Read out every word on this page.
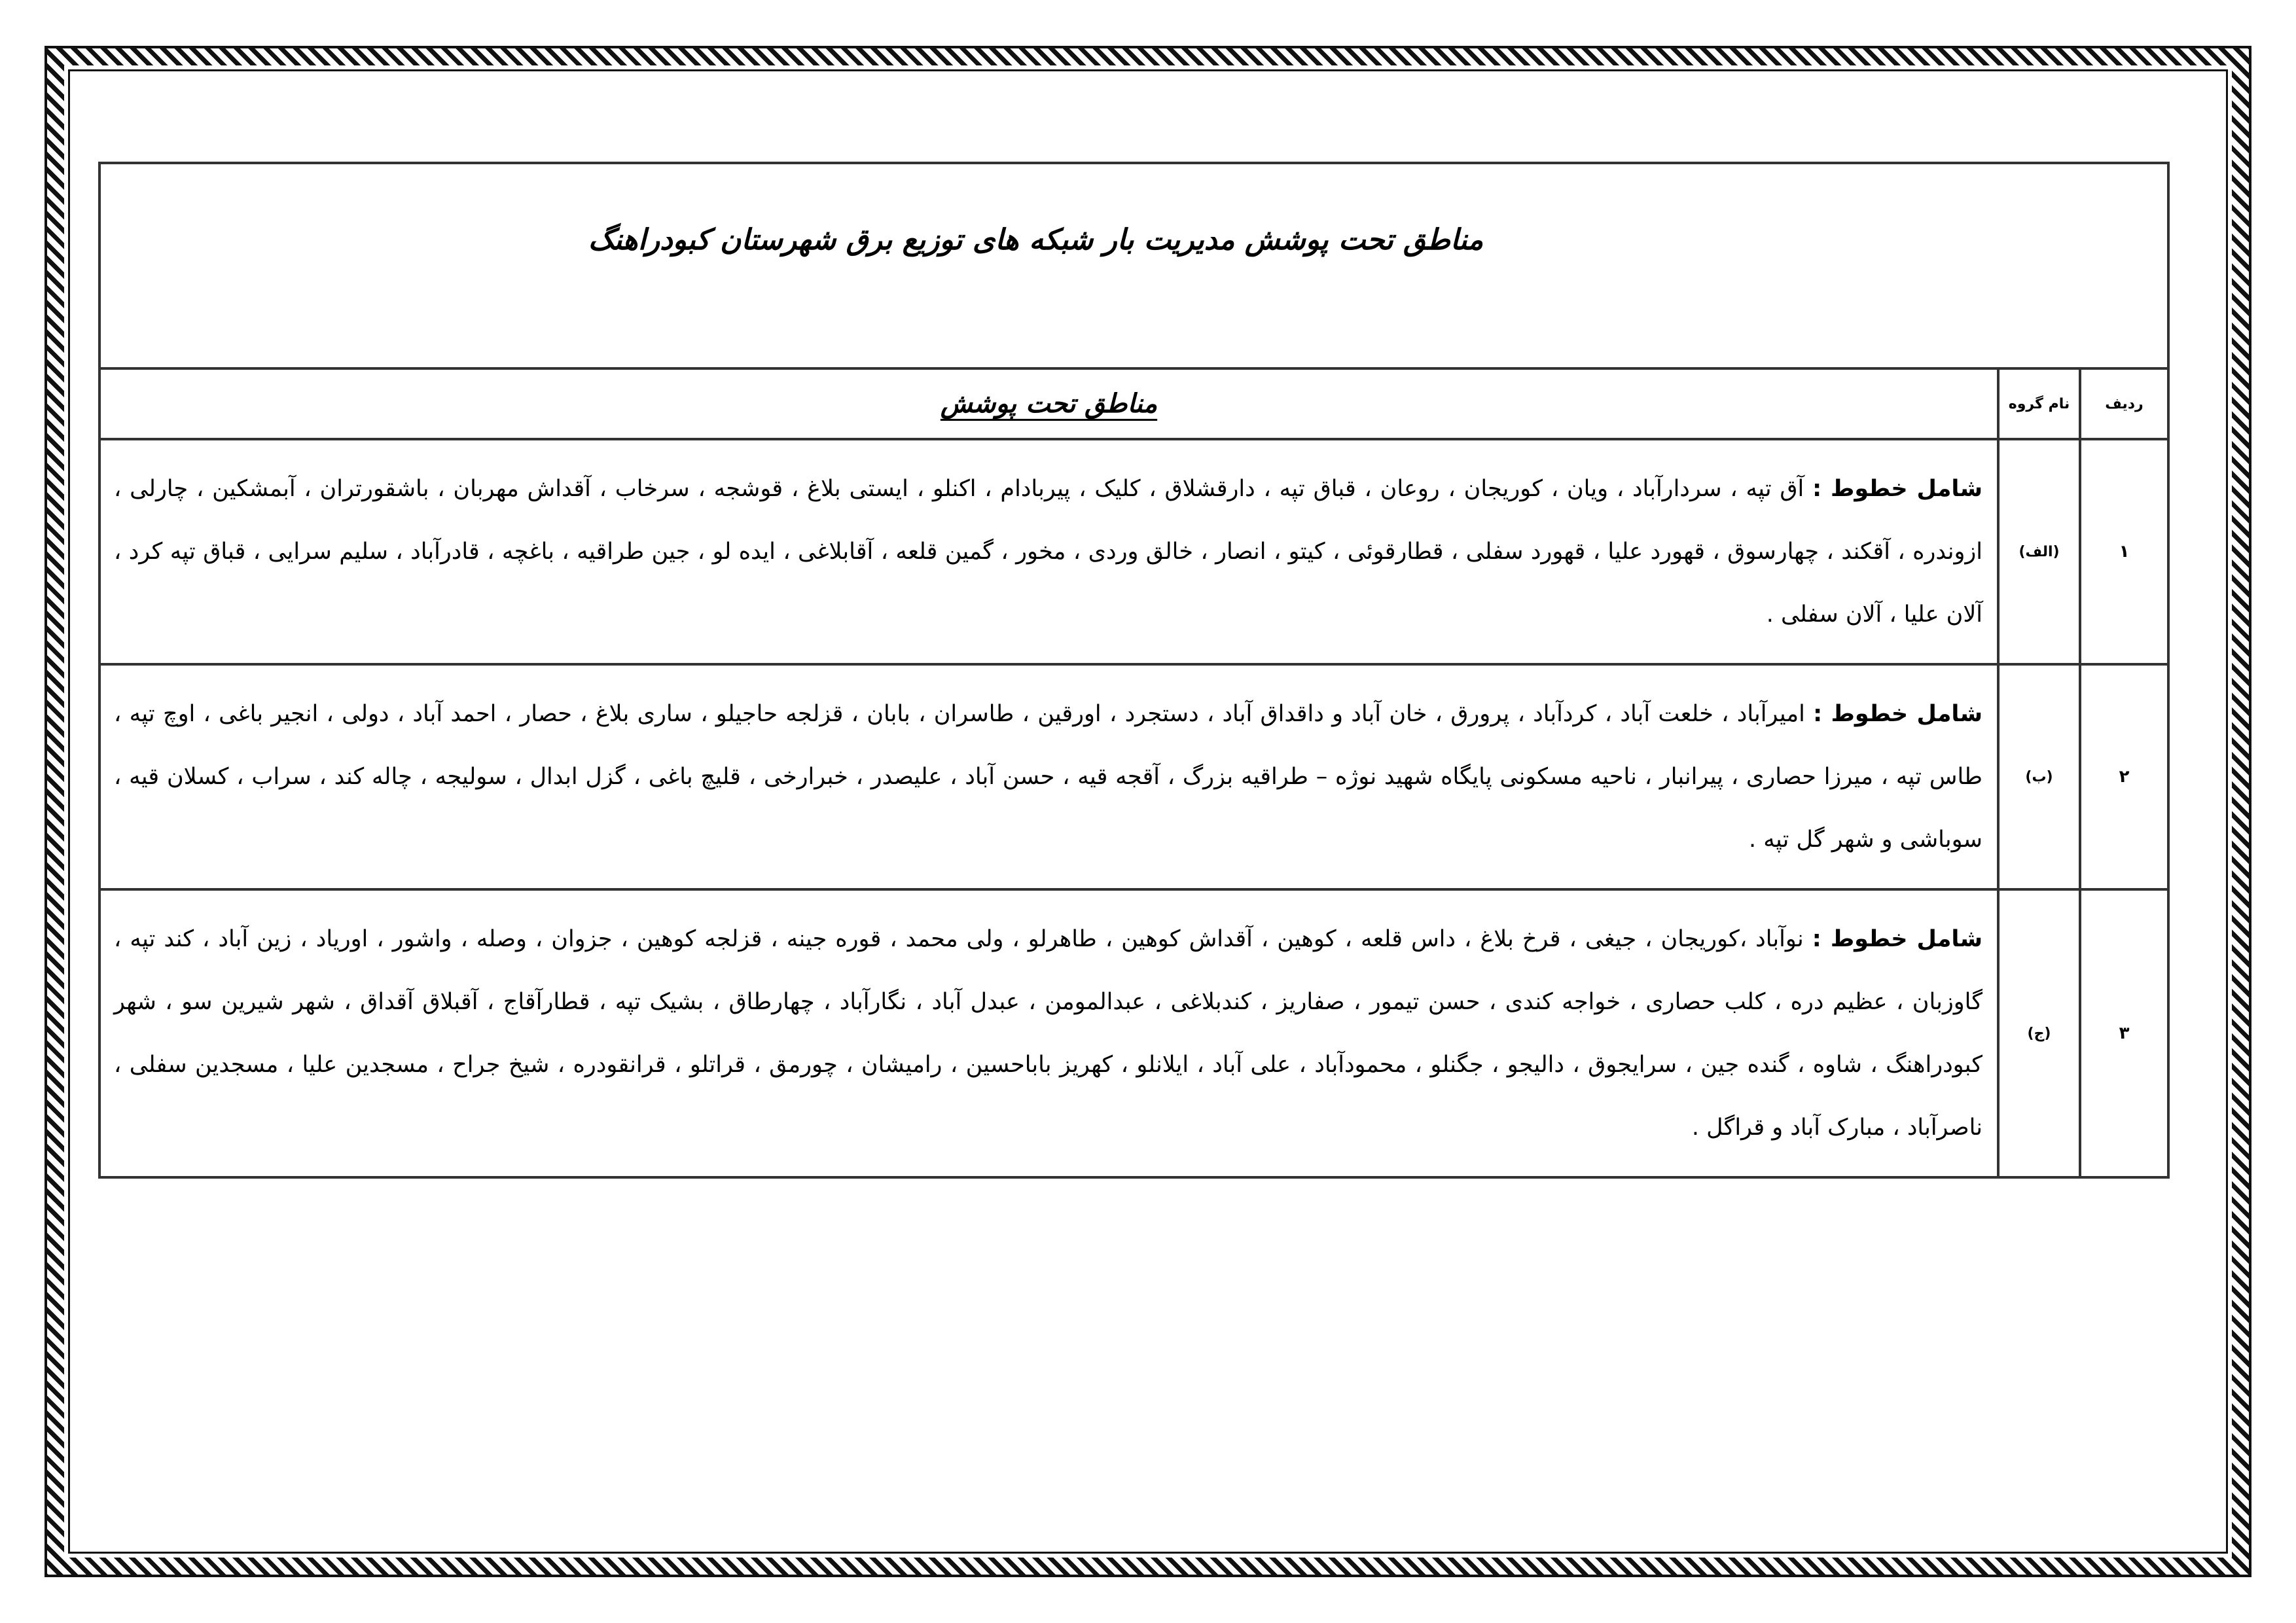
مناطق تحت پوشش مدیریت بار شبکه های توزیع برق شهرستان کبودراهنگ		

ردیف	نام گروه	مناطق تحت پوشش
۱	(الف)	شامل خطوط : آق تپه ، سردارآباد ، ویان ، کوریجان ، روعان ، قباق تپه ، دارقشلاق ، کلیک ، پیربادام ، اکنلو ، ایستی بلاغ ، قوشجه ، سرخاب ، آقداش مهربان ، باشقورتران ، آبمشکین ، چارلی ، ازوندره ، آقکند ، چهارسوق ، قهورد علیا ، قهورد سفلی ، قطارقوئی ، کیتو ، انصار ، خالق وردی ، مخور ، گمین قلعه ، آقابلاغی ، ایده لو ، جین طراقیه ، باغچه ، قادرآباد ، سلیم سرایی ، قباق تپه کرد ، آلان علیا ، آلان سفلی .
۲	(ب)	شامل خطوط : امیرآباد ، خلعت آباد ، کردآباد ، پرورق ، خان آباد و داقداق آباد ، دستجرد ، اورقین ، طاسران ، بابان ، قزلجه حاجیلو ، ساری بلاغ ، حصار ، احمد آباد ، دولی ، انجیر باغی ، اوچ تپه ، طاس تپه ، میرزا حصاری ، پیرانبار ، ناحیه مسکونی پایگاه شهید نوژه – طراقیه بزرگ ، آقجه قیه ، حسن آباد ، علیصدر ، خبرارخی ، قلیچ باغی ، گزل ابدال ، سولیجه ، چاله کند ، سراب ، کسلان قیه ، سوباشی و شهر گل تپه .
۳	(ج)	شامل خطوط : نوآباد ،کوریجان ، جیغی ، قرخ بلاغ ، داس قلعه ، کوهین ، آقداش کوهین ، طاهرلو ، ولی محمد ، قوره جینه ، قزلجه کوهین ، جزوان ، وصله ، واشور ، اوریاد ، زین آباد ، کند تپه ، گاوزبان ، عظیم دره ، کلب حصاری ، خواجه کندی ، حسن تیمور ، صفاریز ، کندبلاغی ، عبدالمومن ، عبدل آباد ، نگارآباد ، چهارطاق ، بشیک تپه ، قطارآقاج ، آقبلاق آقداق ، شهر شیرین سو ، شهر کبودراهنگ ، شاوه ، گنده جین ، سرایجوق ، دالیجو ، جگنلو ، محمودآباد ، علی آباد ، ایلانلو ، کهریز باباحسین ، رامیشان ، چورمق ، قراتلو ، قرانقودره ، شیخ جراح ، مسجدین علیا ، مسجدین سفلی ، ناصرآباد ، مبارک آباد و قراگل .
